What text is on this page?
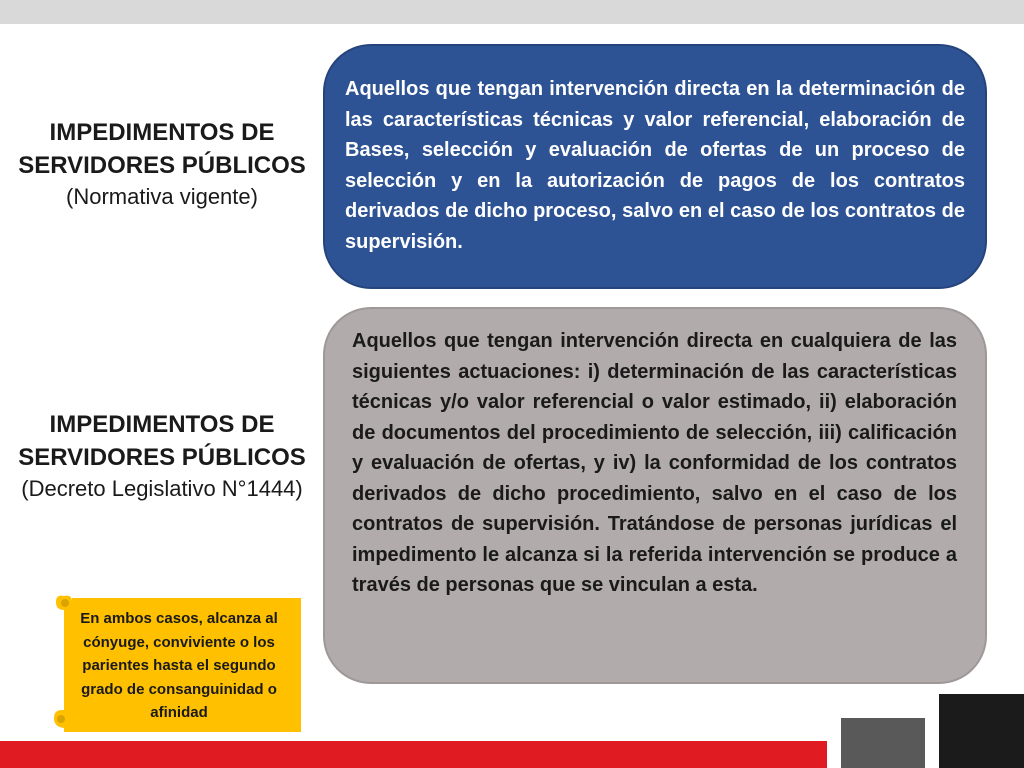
IMPEDIMENTOS DE SERVIDORES PÚBLICOS
(Normativa vigente)
Aquellos que tengan intervención directa en la determinación de las características técnicas y valor referencial, elaboración de Bases, selección y evaluación de ofertas de un proceso de selección y en la autorización de pagos de los contratos derivados de dicho proceso, salvo en el caso de los contratos de supervisión.
IMPEDIMENTOS DE SERVIDORES PÚBLICOS
(Decreto Legislativo N°1444)
Aquellos que tengan intervención directa en cualquiera de las siguientes actuaciones: i) determinación de las características técnicas y/o valor referencial o valor estimado, ii) elaboración de documentos del procedimiento de selección, iii) calificación y evaluación de ofertas, y iv) la conformidad de los contratos derivados de dicho procedimiento, salvo en el caso de los contratos de supervisión. Tratándose de personas jurídicas el impedimento le alcanza si la referida intervención se produce a través de personas que se vinculan a esta.
En ambos casos, alcanza al cónyuge, conviviente o los parientes hasta el segundo grado de consanguinidad o afinidad
